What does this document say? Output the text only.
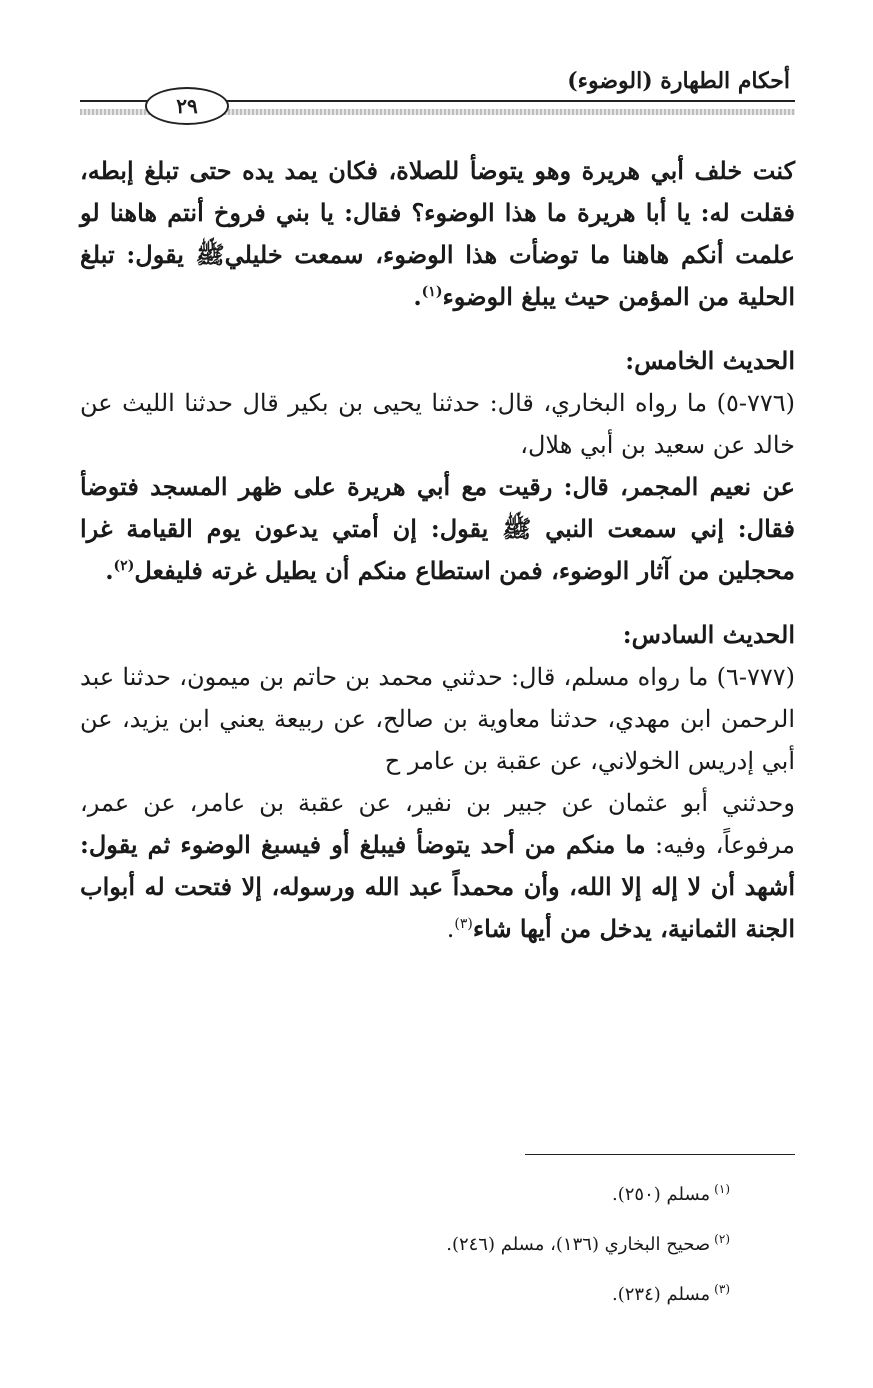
أحكام الطهارة (الوضوء)
٢٩

كنت خلف أبي هريرة وهو يتوضأ للصلاة، فكان يمد يده حتى تبلغ إبطه، فقلت له: يا أبا هريرة ما هذا الوضوء؟ فقال: يا بني فروخ أنتم هاهنا لو علمت أنكم هاهنا ما توضأت هذا الوضوء، سمعت خليليﷺ يقول: تبلغ الحلية من المؤمن حيث يبلغ الوضوء$^{(١)}$.

الحديث الخامس:

(٧٧٦-٥) ما رواه البخاري، قال: حدثنا يحيى بن بكير قال حدثنا الليث عن خالد عن سعيد بن أبي هلال،

عن نعيم المجمر، قال: رقيت مع أبي هريرة على ظهر المسجد فتوضأ فقال: إني سمعت النبي ﷺ يقول: إن أمتي يدعون يوم القيامة غرا محجلين من آثار الوضوء، فمن استطاع منكم أن يطيل غرته فليفعل$^{(٢)}$.

الحديث السادس:

(٧٧٧-٦) ما رواه مسلم، قال: حدثني محمد بن حاتم بن ميمون، حدثنا عبد الرحمن ابن مهدي، حدثنا معاوية بن صالح، عن ربيعة يعني ابن يزيد، عن أبي إدريس الخولاني، عن عقبة بن عامر ح

وحدثني أبو عثمان عن جبير بن نفير، عن عقبة بن عامر، عن عمر، مرفوعاً، وفيه: ما منكم من أحد يتوضأ فيبلغ أو فيسبغ الوضوء ثم يقول: أشهد أن لا إله إلا الله، وأن محمداً عبد الله ورسوله، إلا فتحت له أبواب الجنة الثمانية، يدخل من أيها شاء$^{(٣)}$.

$^{(١)}$مسلم (٢٥٠).

$^{(٢)}$صحيح البخاري (١٣٦)، مسلم (٢٤٦).

$^{(٣)}$مسلم (٢٣٤).
